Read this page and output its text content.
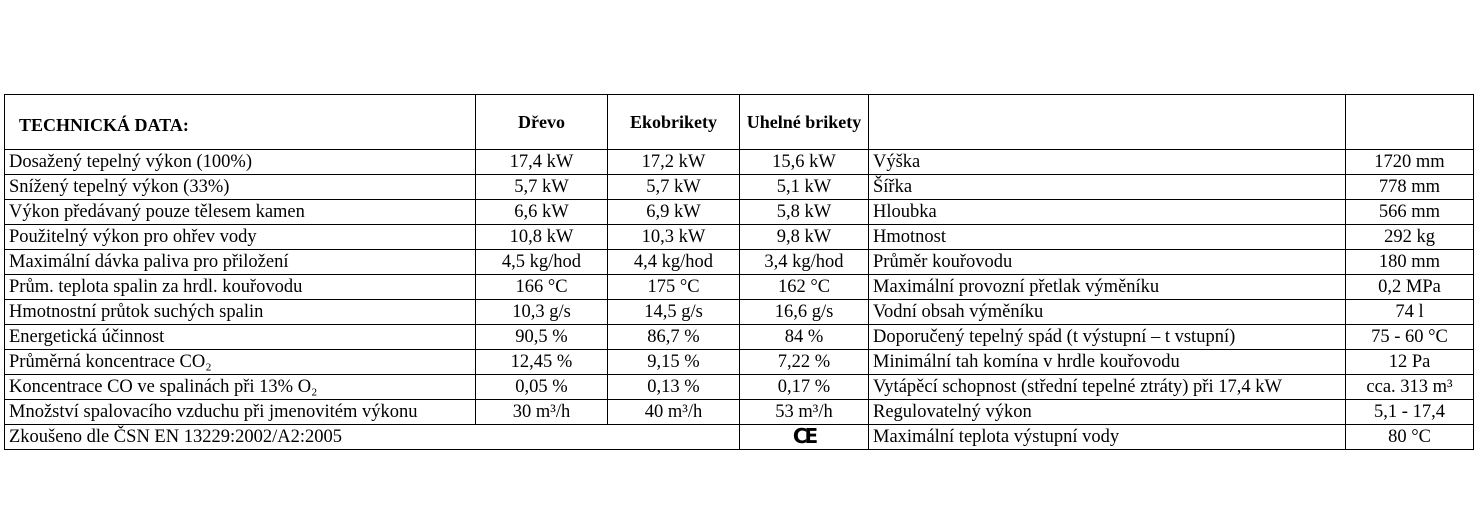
TECHNICKÁ DATA:	Dřevo	Ekobrikety	Uhelné brikety		
Dosažený tepelný výkon (100%)	17,4 kW	17,2 kW	15,6 kW	Výška	1720 mm
Snížený tepelný výkon (33%)	5,7 kW	5,7 kW	5,1 kW	Šířka	778 mm
Výkon předávaný pouze tělesem kamen	6,6 kW	6,9 kW	5,8 kW	Hloubka	566 mm
Použitelný výkon pro ohřev vody	10,8 kW	10,3 kW	9,8 kW	Hmotnost	292 kg
Maximální dávka paliva pro přiložení	4,5 kg/hod	4,4 kg/hod	3,4 kg/hod	Průměr kouřovodu	180 mm
Prům. teplota spalin za hrdl. kouřovodu	166 °C	175 °C	162 °C	Maximální provozní přetlak výměníku	0,2 MPa
Hmotnostní průtok suchých spalin	10,3 g/s	14,5 g/s	16,6 g/s	Vodní obsah výměníku	74 l
Energetická účinnost	90,5 %	86,7 %	84 %	Doporučený tepelný spád (t výstupní – t vstupní)	75 - 60 °C
Průměrná koncentrace CO₂	12,45 %	9,15 %	7,22 %	Minimální tah komína v hrdle kouřovodu	12 Pa
Koncentrace CO ve spalinách při 13% O₂	0,05 %	0,13 %	0,17 %	Vytápěcí schopnost (střední tepelné ztráty) při 17,4 kW	cca. 313 m³
Množství spalovacího vzduchu při jmenovitém výkonu	30 m³/h	40 m³/h	53 m³/h	Regulovatelný výkon	5,1 - 17,4
Zkoušeno dle ČSN EN 13229:2002/A2:2005			CE	Maximální teplota výstupní vody	80 °C
